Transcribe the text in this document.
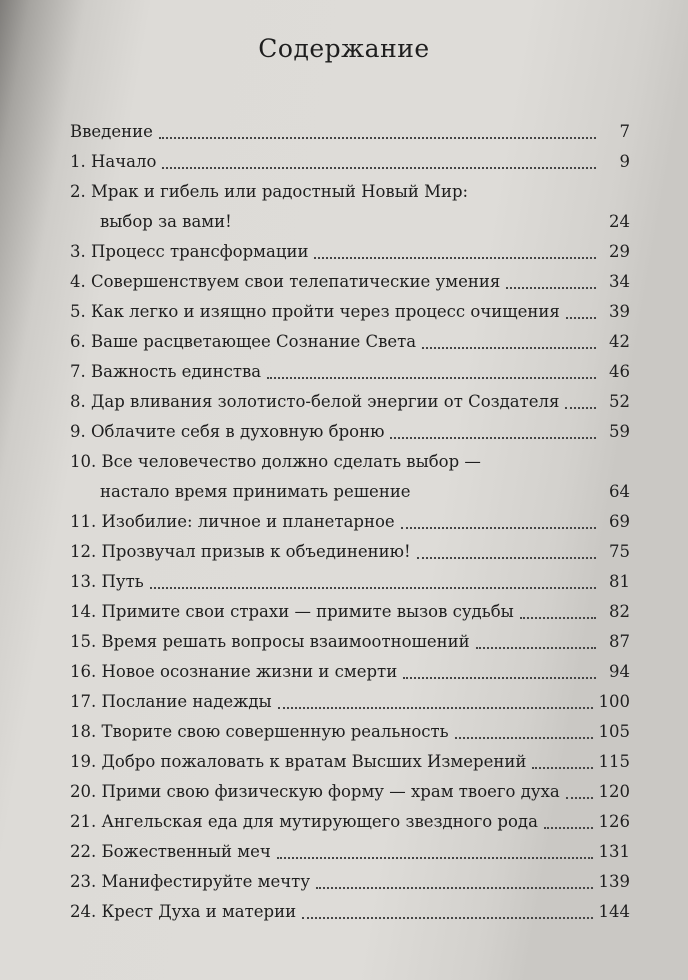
Содержание
Введение	7
1.
Начало	9
2.
Мрак и гибель или радостный Новый Мир:
выбор за вами!	24
3.
Процесс трансформации	29
4.
Совершенствуем свои телепатические умения	34
5.
Как легко и изящно пройти через процесс очищения	39
6.
Ваше расцветающее Сознание Света	42
7.
Важность единства	46
8.
Дар вливания золотисто-белой энергии от Создателя	52
9.
Облачите себя в духовную броню	59
10.
Все человечество должно сделать выбор —
настало время принимать решение	64
11.
Изобилие: личное и планетарное	69
12.
Прозвучал призыв к объединению!	75
13.
Путь	81
14.
Примите свои страхи — примите вызов судьбы	82
15.
Время решать вопросы взаимоотношений	87
16.
Новое осознание жизни и смерти	94
17.
Послание надежды	100
18.
Творите свою совершенную реальность	105
19.
Добро пожаловать к вратам Высших Измерений	115
20.
Прими свою физическую форму — храм твоего духа 120
21.
Ангельская еда для мутирующего звездного рода	126
22.
Божественный меч	131
23.
Манифестируйте мечту	139
24.
Крест Духа и материи	144
